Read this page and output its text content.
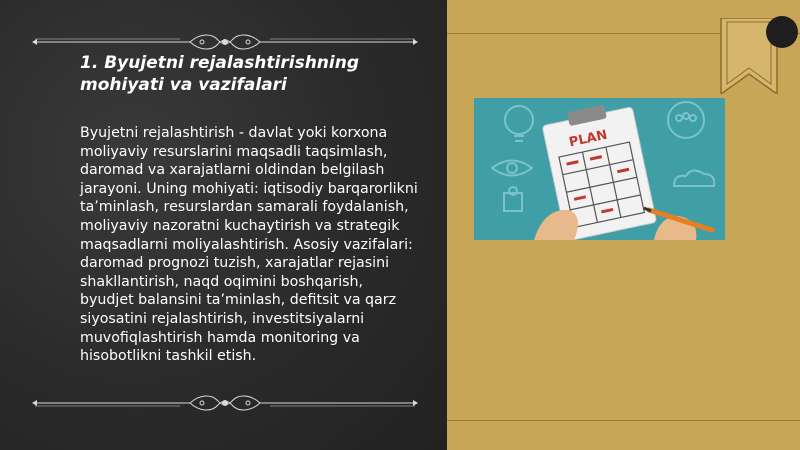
1. Byujetni rejalashtirishning mohiyati va vazifalari

Byujetni rejalashtirish - davlat yoki korxona moliyaviy resurslarini maqsadli taqsimlash, daromad va xarajatlarni oldindan belgilash jarayoni. Uning mohiyati: iqtisodiy barqarorlikni ta’minlash, resurslardan samarali foydalanish, moliyaviy nazoratni kuchaytirish va strategik maqsadlarni moliyalashtirish. Asosiy vazifalari: daromad prognozi tuzish, xarajatlar rejasini shakllantirish, naqd oqimini boshqarish, byudjet balansini ta’minlash, defitsit va qarz siyosatini rejalashtirish, investitsiyalarni muvofiqlashtirish hamda monitoring va hisobotlikni tashkil etish.

PLAN
